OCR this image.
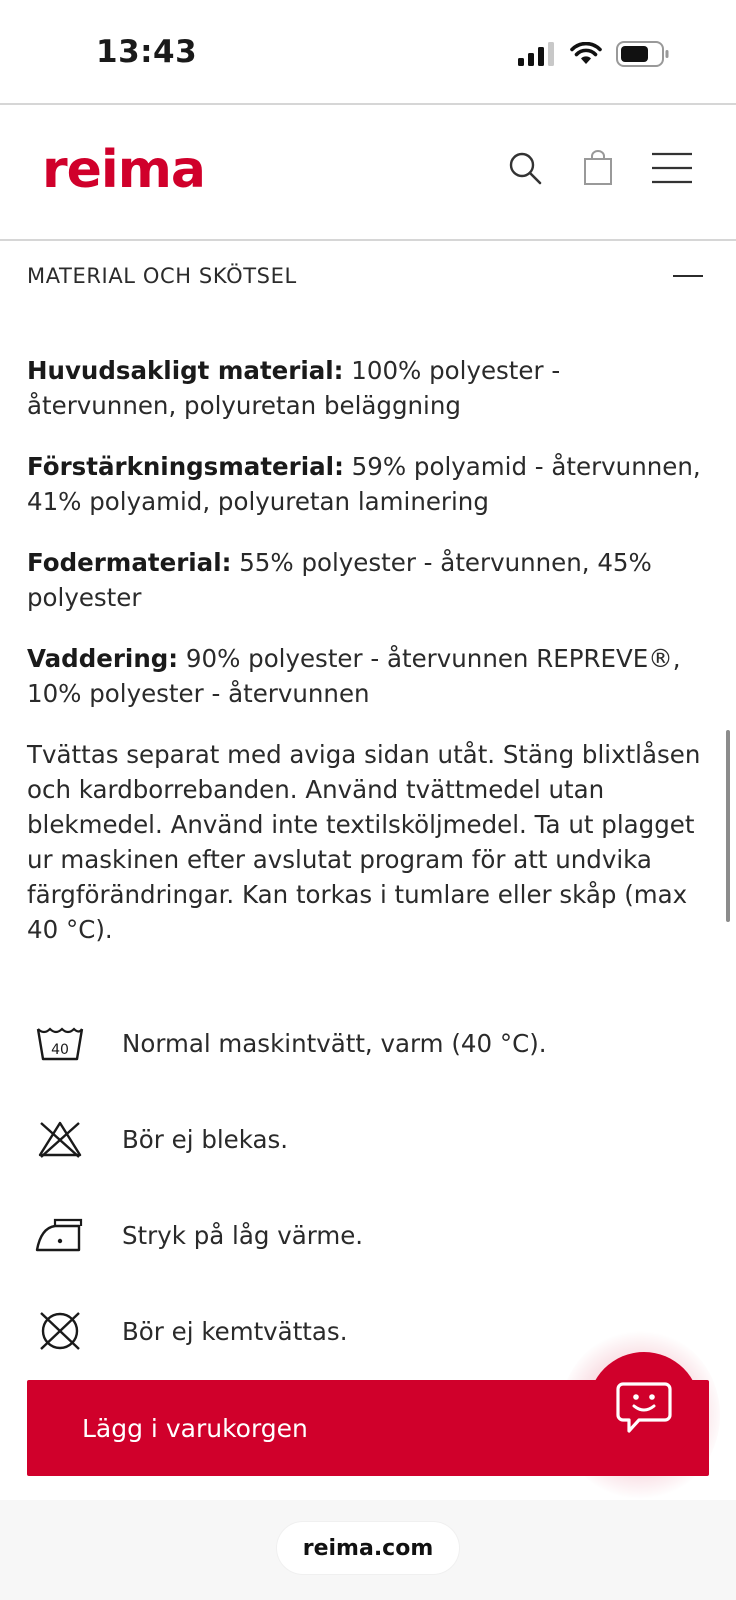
13:43
reima
MATERIAL OCH SKÖTSEL
Huvudsakligt material: 100% polyester - återvunnen, polyuretan beläggning
Förstärkningsmaterial: 59% polyamid - återvunnen, 41% polyamid, polyuretan laminering
Fodermaterial: 55% polyester - återvunnen, 45% polyester
Vaddering: 90% polyester - återvunnen REPREVE®, 10% polyester - återvunnen
Tvättas separat med aviga sidan utåt. Stäng blixtlåsen och kardborrebanden. Använd tvättmedel utan blekmedel. Använd inte textilsköljmedel. Ta ut plagget ur maskinen efter avslutat program för att undvika färgförändringar. Kan torkas i tumlare eller skåp (max 40 °C).
40 Normal maskintvätt, varm (40 °C).
Bör ej blekas.
Stryk på låg värme.
Bör ej kemtvättas.
Lägg i varukorgen
reima.com
